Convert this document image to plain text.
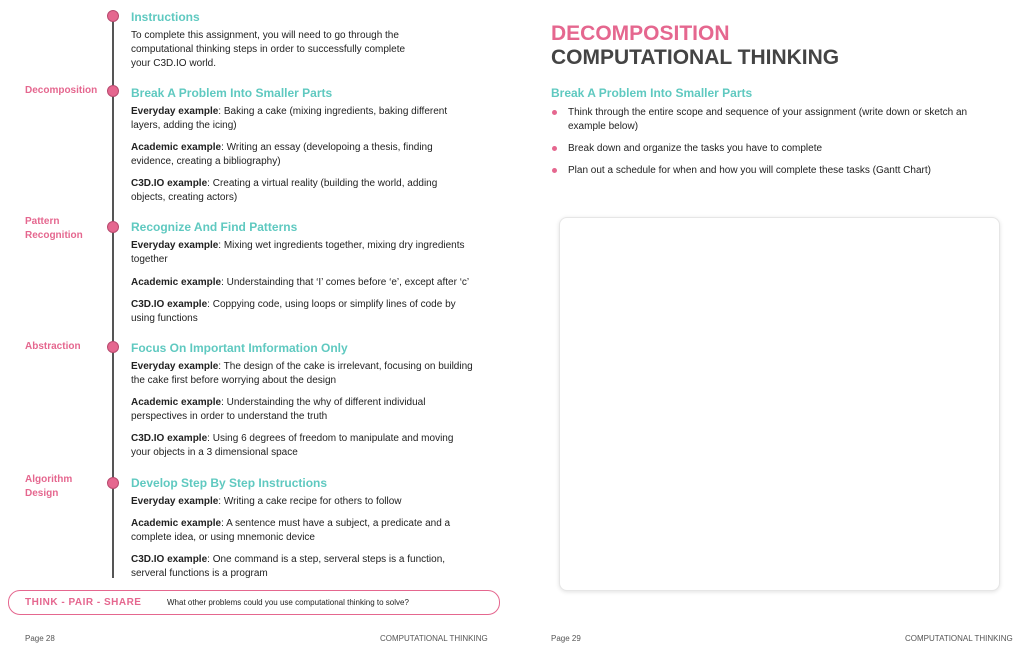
Instructions
To complete this assignment, you will need to go through the
computational thinking steps in order to successfully complete
your C3D.IO world.
Decomposition	Break A Problem Into Smaller Parts
Everyday example: Baking a cake (mixing ingredients, baking different
layers, adding the icing)
Academic example: Writing an essay (developoing a thesis, finding
evidence, creating a bibliography)
C3D.IO example: Creating a virtual reality (building the world, adding
objects, creating actors)
Pattern
Recognition
Recognize And Find Patterns
Everyday example: Mixing wet ingredients together, mixing dry ingredients
together
Academic example: Understainding that ‘I’ comes before ‘e’, except after ‘c’
C3D.IO example: Coppying code, using loops or simplify lines of code by
using functions
Abstraction	Focus On Important Imformation Only
Everyday example: The design of the cake is irrelevant, focusing on building
the cake first before worrying about the design
Academic example: Understainding the why of different individual
perspectives in order to understand the truth
C3D.IO example: Using 6 degrees of freedom to manipulate and moving
your objects in a 3 dimensional space
Algorithm
Design
Develop Step By Step Instructions
Everyday example: Writing a cake recipe for others to follow
Academic example: A sentence must have a subject, a predicate and a
complete idea, or using mnemonic device
C3D.IO example: One command is a step, serveral steps is a function,
serveral functions is a program
THINK - PAIR - SHARE	What other problems could you use computational thinking to solve?
Page 28	COMPUTATIONAL THINKING
DECOMPOSITION
COMPUTATIONAL THINKING
Break A Problem Into Smaller Parts
Think through the entire scope and sequence of your assignment (write down or sketch an
example below)
Break down and organize the tasks you have to complete
Plan out a schedule for when and how you will complete these tasks (Gantt Chart)
Page 29	COMPUTATIONAL THINKING
